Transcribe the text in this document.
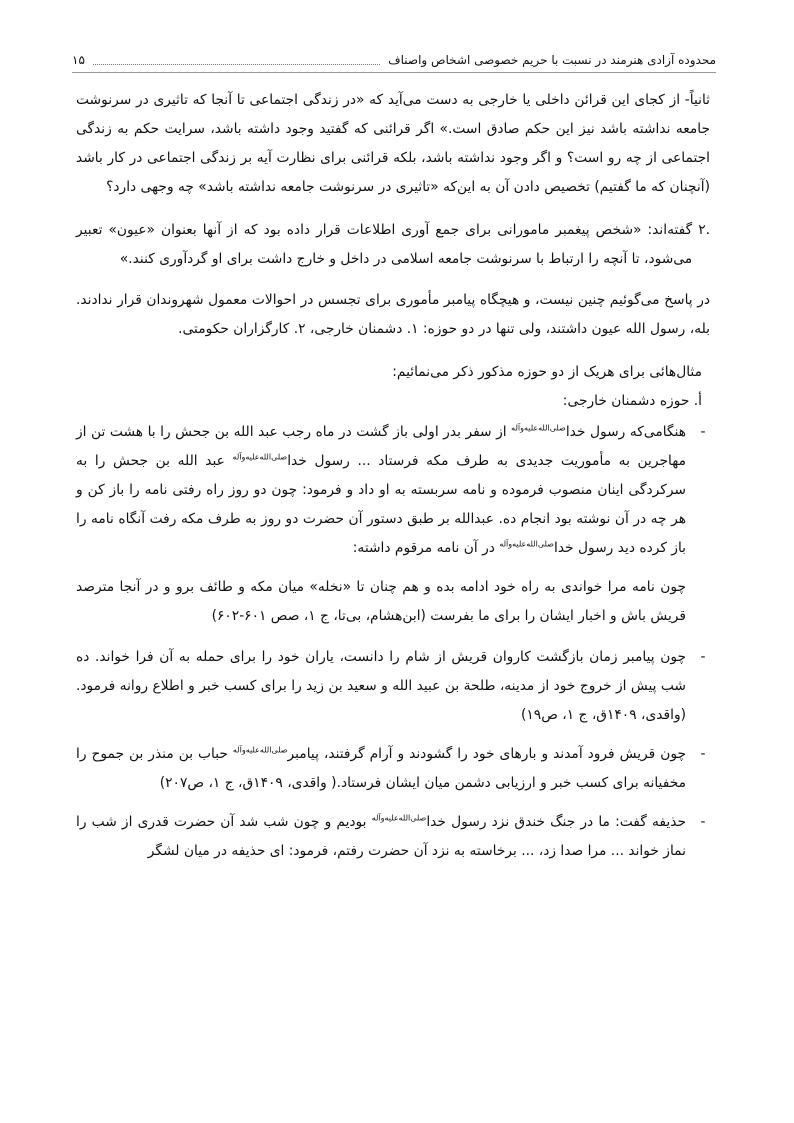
محدوده آزادی هنرمند در نسبت با حریم خصوصی اشخاص واصناف
۱۵

ثانیاً- از کجای این قرائن داخلی یا خارجی به دست می‌آید که «در زندگی اجتماعی تا آنجا که تاثیری در سرنوشت جامعه نداشته باشد نیز این حکم صادق است.» اگر قرائنی که گفتید وجود داشته باشد، سرایت حکم به زندگی اجتماعی از چه رو است؟ و اگر وجود نداشته باشد، بلکه قرائنی برای نظارت آیه بر زندگی اجتماعی در کار باشد (آنچنان که ما گفتیم) تخصیص دادن آن به این‌که «تاثیری در سرنوشت جامعه نداشته باشد» چه وجهی دارد؟

.۲
گفته‌اند: «شخص پیغمبر مامورانی برای جمع آوری اطلاعات قرار داده بود که از آنها بعنوان «عیون» تعبیر می‌شود، تا آنچه را ارتباط با سرنوشت جامعه اسلامی در داخل و خارج داشت برای او گردآوری کنند.»

در پاسخ می‌گوئیم چنین نیست، و هیچگاه پیامبر مأموری برای تجسس در احوالات معمول شهروندان قرار ندادند. بله، رسول الله عیون داشتند، ولی تنها در دو حوزه: ۱. دشمنان خارجی، ۲. کارگزاران حکومتی.

مثال‌هائی برای هریک از دو حوزه مذکور ذکر می‌نمائیم:

أ. حوزه دشمنان خارجی:

-
هنگامی‌که رسول خدا$^{صلی‌الله‌علیه‌وآله}$ از سفر بدر اولی باز گشت در ماه رجب عبد الله بن جحش را با هشت تن از مهاجرین به مأموریت جدیدی به طرف مکه فرستاد ... رسول خدا$^{صلی‌الله‌علیه‌وآله}$ عبد الله بن جحش را به سرکردگی اینان منصوب فرموده و نامه سربسته به او داد و فرمود: چون دو روز راه رفتی نامه را باز کن و هر چه در آن نوشته بود انجام ده. عبدالله بر طبق دستور آن حضرت دو روز به طرف مکه رفت آنگاه نامه را باز کرده دید رسول خدا$^{صلی‌الله‌علیه‌وآله}$ در آن نامه مرقوم داشته:

چون نامه مرا خواندی به راه خود ادامه بده و هم چنان تا «نخله» میان مکه و طائف برو و در آنجا مترصد قریش باش و اخبار ایشان را برای ما بفرست (ابن‌هشام، بی‌تا، ج ۱، صص ۶۰۱-۶۰۲)

-
چون پیامبر زمان بازگشت کاروان قریش از شام را دانست، یاران خود را برای حمله به آن فرا خواند. ده شب پیش از خروج خود از مدینه، طلحة بن عبید الله و سعید بن زید را برای کسب خبر و اطلاع روانه فرمود. (واقدی، ۱۴۰۹ق، ج ۱، ص۱۹)
-
چون قریش فرود آمدند و بارهای خود را گشودند و آرام گرفتند، پیامبر$^{صلی‌الله‌علیه‌وآله}$ حباب بن منذر بن جموح را مخفیانه برای کسب خبر و ارزیابی دشمن میان ایشان فرستاد.( واقدی، ۱۴۰۹ق، ج ۱، ص۲۰۷)
-
حذیفه گفت: ما در جنگ خندق نزد رسول خدا$^{صلی‌الله‌علیه‌وآله}$ بودیم و چون شب شد آن حضرت قدری از شب را نماز خواند ... مرا صدا زد، ... برخاسته به نزد آن حضرت رفتم، فرمود: ای حذیفه در میان لشگر
